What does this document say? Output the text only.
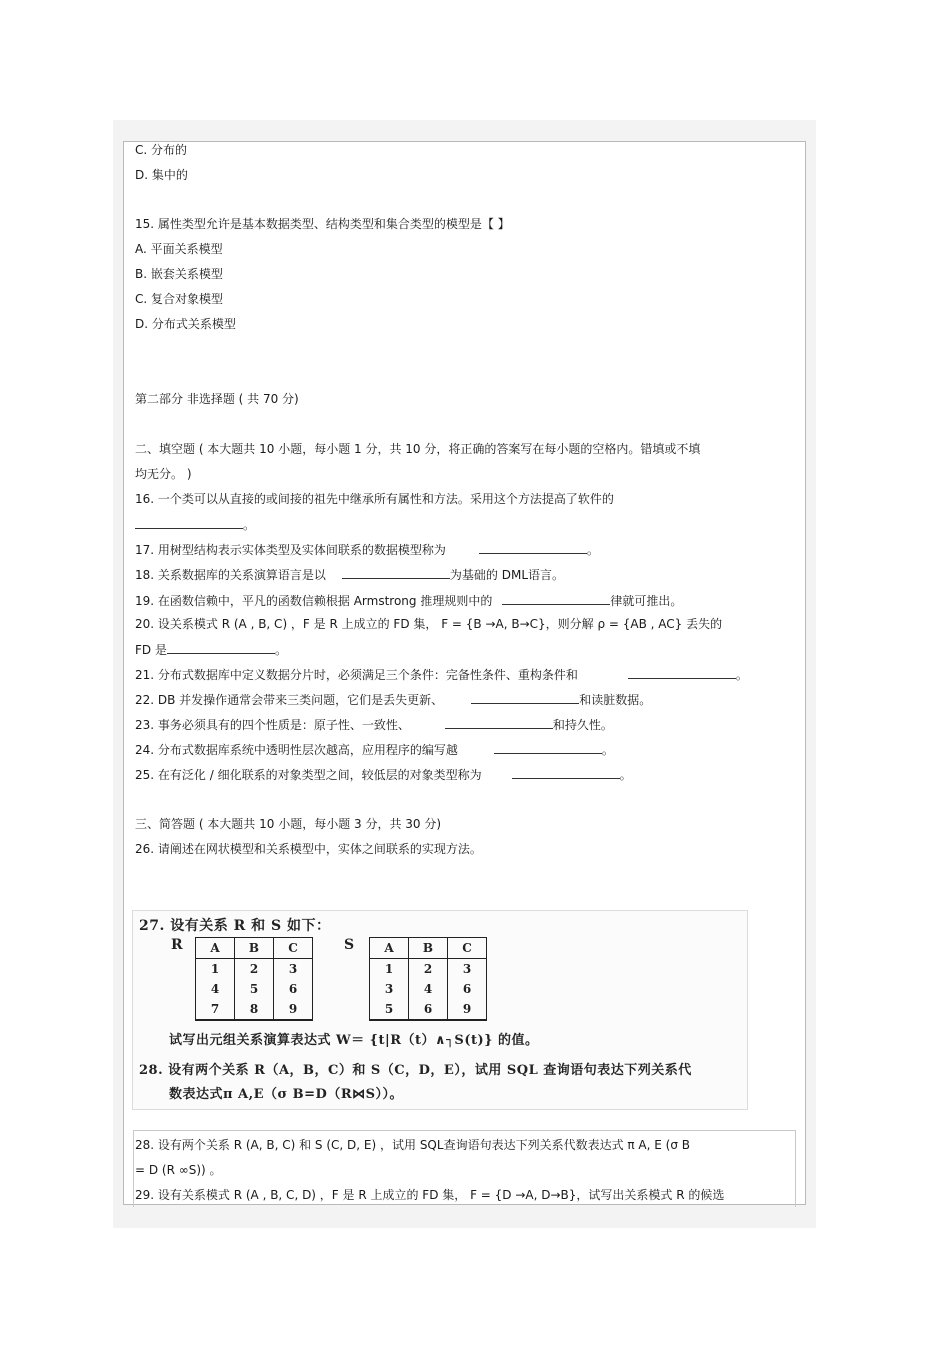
C. 分布的
D. 集中的
15. 属性类型允许是基本数据类型、结构类型和集合类型的模型是【 】
A. 平面关系模型
B. 嵌套关系模型
C. 复合对象模型
D. 分布式关系模型
第二部分 非选择题 ( 共 70 分)
二、填空题 ( 本大题共 10 小题，每小题 1 分，共 10 分，将正确的答案写在每小题的空格内。错填或不填
均无分。 )
16. 一个类可以从直接的或间接的祖先中继承所有属性和方法。采用这个方法提高了软件的
。
17. 用树型结构表示实体类型及实体间联系的数据模型称为	。
18. 关系数据库的关系演算语言是以	为基础的 DML语言。
19. 在函数信赖中，平凡的函数信赖根据 Armstrong 推理规则中的	律就可推出。
20. 设关系模式 R (A , B, C) ，F 是 R 上成立的 FD 集， F = {B →A, B→C}，则分解 ρ = {AB , AC} 丢失的
FD 是	。
21. 分布式数据库中定义数据分片时，必须满足三个条件：完备性条件、重构条件和	。
22. DB 并发操作通常会带来三类问题，它们是丢失更新、	和读脏数据。
23. 事务必须具有的四个性质是：原子性、一致性、	和持久性。
24. 分布式数据库系统中透明性层次越高，应用程序的编写越	。
25. 在有泛化 / 细化联系的对象类型之间，较低层的对象类型称为	。
三、简答题 ( 本大题共 10 小题，每小题 3 分，共 30 分)
26. 请阐述在网状模型和关系模型中，实体之间联系的实现方法。
27. 设有关系 R 和 S 如下：
R	S
A	B	C
1	2	3
4	5	6
7	8	9
A	B	C
1	2	3
3	4	6
5	6	9
试写出元组关系演算表达式 W＝ {t|R（t）∧┐S(t)} 的值。
28. 设有两个关系 R（A，B，C）和 S（C，D，E），试用 SQL 查询语句表达下列关系代
数表达式π A,E（σ B=D（R⋈S））。
28. 设有两个关系 R (A, B, C) 和 S (C, D, E) ，试用 SQL查询语句表达下列关系代数表达式 π A, E (σ B
= D (R ∞S)) 。
29. 设有关系模式 R (A , B, C, D) ，F 是 R 上成立的 FD 集， F = {D →A, D→B}，试写出关系模式 R 的候选
